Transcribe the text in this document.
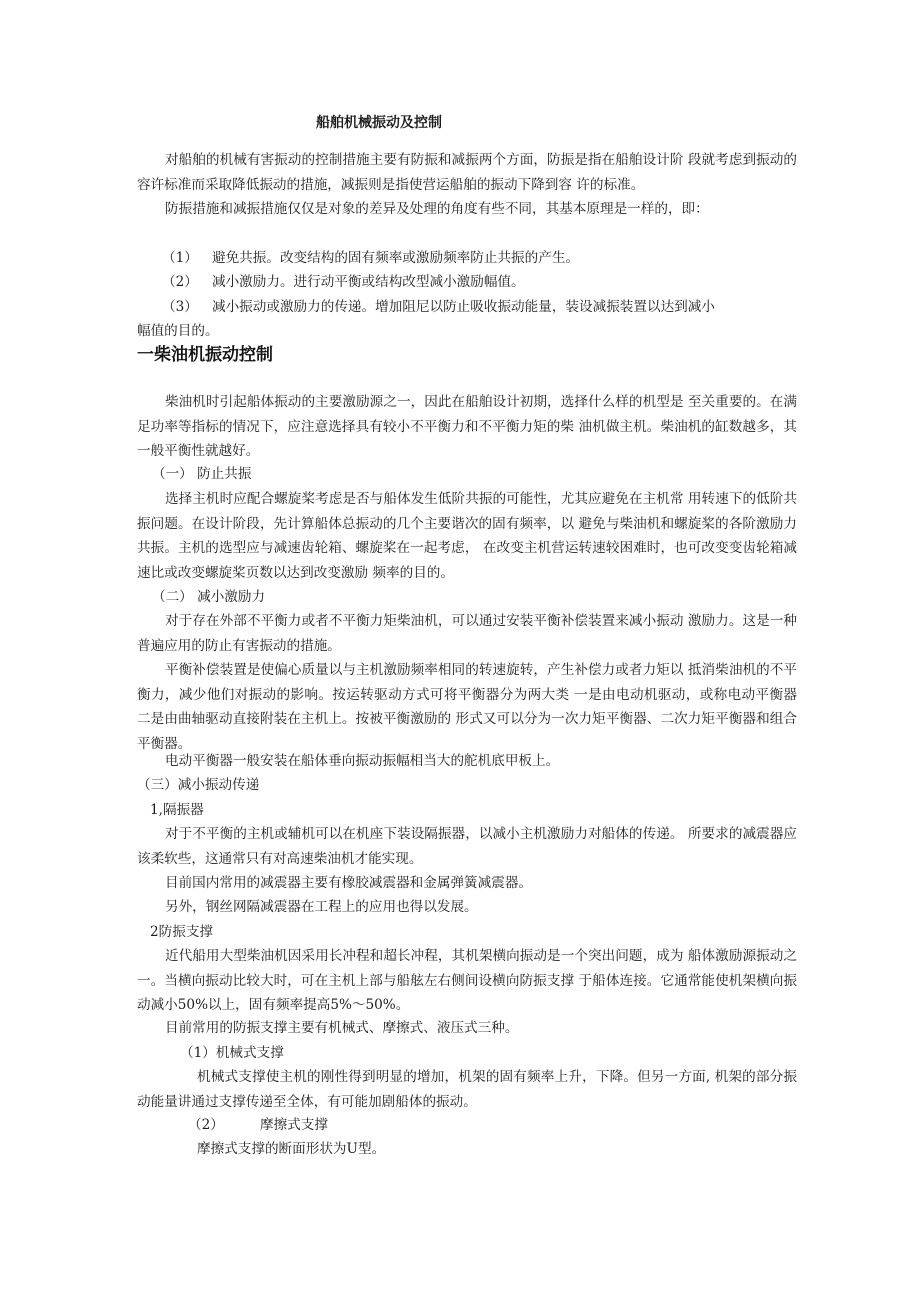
船舶机械振动及控制

对船舶的机械有害振动的控制措施主要有防振和减振两个方面，防振是指在船舶设计阶 段就考虑到振动的容许标准而采取降低振动的措施，减振则是指使营运船舶的振动下降到容 许的标准。

防振措施和减振措施仅仅是对象的差异及处理的角度有些不同，其基本原理是一样的，即：

（1） 避免共振。改变结构的固有频率或激励频率防止共振的产生。

（2） 减小激励力。进行动平衡或结构改型减小激励幅值。

（3） 减小振动或激励力的传递。增加阻尼以防止吸收振动能量，装设减振装置以达到减小

幅值的目的。

一柴油机振动控制

柴油机时引起船体振动的主要激励源之一，因此在船舶设计初期，选择什么样的机型是 至关重要的。在满足功率等指标的情况下，应注意选择具有较小不平衡力和不平衡力矩的柴 油机做主机。柴油机的缸数越多，其一般平衡性就越好。

（一） 防止共振

选择主机时应配合螺旋桨考虑是否与船体发生低阶共振的可能性，尤其应避免在主机常 用转速下的低阶共振问题。在设计阶段，先计算船体总振动的几个主要谐次的固有频率，以 避免与柴油机和螺旋桨的各阶激励力共振。主机的选型应与减速齿轮箱、螺旋桨在一起考虑， 在改变主机营运转速较困难时，也可改变变齿轮箱减速比或改变螺旋桨页数以达到改变激励 频率的目的。

（二） 减小激励力

对于存在外部不平衡力或者不平衡力矩柴油机，可以通过安装平衡补偿装置来减小振动 激励力。这是一种普遍应用的防止有害振动的措施。

平衡补偿装置是使偏心质量以与主机激励频率相同的转速旋转，产生补偿力或者力矩以 抵消柴油机的不平衡力，减少他们对振动的影响。按运转驱动方式可将平衡器分为两大类 一是由电动机驱动，或称电动平衡器 二是由曲轴驱动直接附装在主机上。按被平衡激励的 形式又可以分为一次力矩平衡器、二次力矩平衡器和组合平衡器。

电动平衡器一般安装在船体垂向振动振幅相当大的舵机底甲板上。

（三）减小振动传递

1,隔振器

对于不平衡的主机或辅机可以在机座下装设隔振器，以减小主机激励力对船体的传递。 所要求的减震器应该柔软些，这通常只有对高速柴油机才能实现。

目前国内常用的减震器主要有橡胶减震器和金属弹簧减震器。

另外，钢丝网隔减震器在工程上的应用也得以发展。

2防振支撑

近代船用大型柴油机因采用长冲程和超长冲程，其机架横向振动是一个突出问题，成为 船体激励源振动之一。当横向振动比较大时，可在主机上部与船舷左右侧间设横向防振支撑 于船体连接。它通常能使机架横向振动减小50%以上，固有频率提高5%〜50%。

目前常用的防振支撑主要有机械式、摩擦式、液压式三种。

（1）机械式支撑

机械式支撑使主机的刚性得到明显的增加，机架的固有频率上升，下降。但另一方面, 机架的部分振动能量讲通过支撑传递至全体，有可能加剧船体的振动。

（2）	摩擦式支撑

摩擦式支撑的断面形状为U型。
